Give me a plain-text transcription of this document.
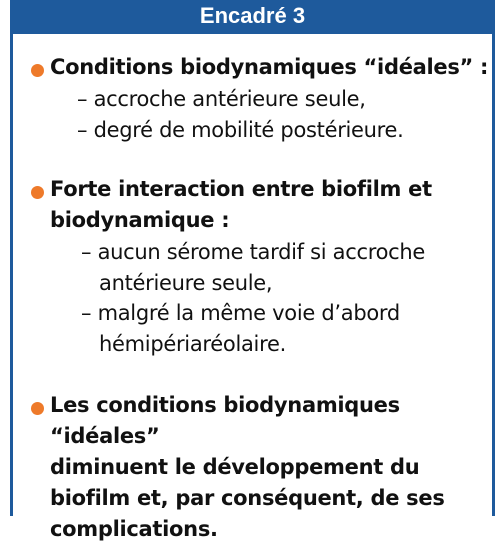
Encadré 3
Conditions biodynamiques “idéales” :
– accroche antérieure seule,
– degré de mobilité postérieure.
Forte interaction entre biofilm et
biodynamique :
– aucun sérome tardif si accroche
antérieure seule,
– malgré la même voie d’abord
hémipériaréolaire.
Les conditions biodynamiques “idéales”
diminuent le développement du
biofilm et, par conséquent, de ses
complications.
